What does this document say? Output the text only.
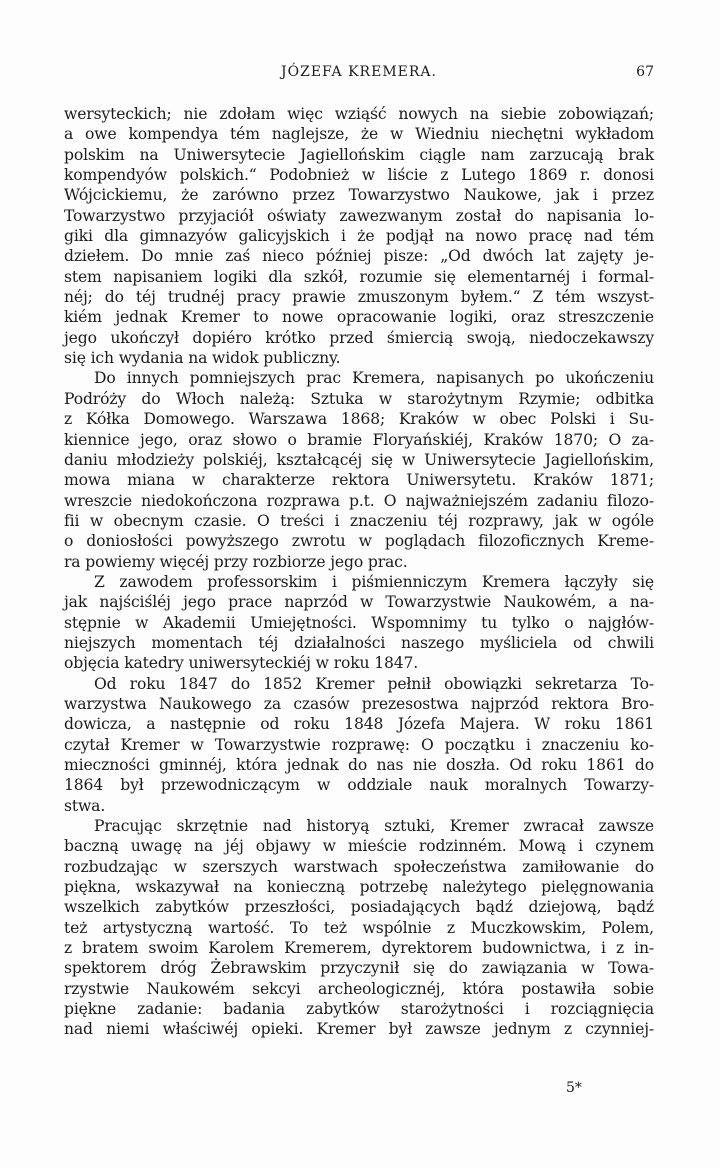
JÓZEFA KREMERA.	67
wersyteckich; nie zdołam więc wziąść nowych na siebie zobowiązań;
a owe kompendya tém naglejsze, że w Wiedniu niechętni wykładom
polskim na Uniwersytecie Jagiellońskim ciągle nam zarzucają brak
kompendyów polskich.“ Podobnież w liście z Lutego 1869 r. donosi
Wójcickiemu, że zarówno przez Towarzystwo Naukowe, jak i przez
Towarzystwo przyjaciół oświaty zawezwanym został do napisania lo-
giki dla gimnazyów galicyjskich i że podjął na nowo pracę nad tém
dziełem. Do mnie zaś nieco później pisze: „Od dwóch lat zajęty je-
stem napisaniem logiki dla szkół, rozumie się elementarnéj i formal-
néj; do téj trudnéj pracy prawie zmuszonym byłem.“ Z tém wszyst-
kiém jednak Kremer to nowe opracowanie logiki, oraz streszczenie
jego ukończył dopiéro krótko przed śmiercią swoją, niedoczekawszy
się ich wydania na widok publiczny.
Do innych pomniejszych prac Kremera, napisanych po ukończeniu
Podróży do Włoch należą: Sztuka w starożytnym Rzymie; odbitka
z Kółka Domowego. Warszawa 1868; Kraków w obec Polski i Su-
kiennice jego, oraz słowo o bramie Floryańskiéj, Kraków 1870; O za-
daniu młodzieży polskiéj, kształcącéj się w Uniwersytecie Jagiellońskim,
mowa miana w charakterze rektora Uniwersytetu. Kraków 1871;
wreszcie niedokończona rozprawa p.t. O najważniejszém zadaniu filozo-
fii w obecnym czasie. O treści i znaczeniu téj rozprawy, jak w ogóle
o doniosłości powyższego zwrotu w poglądach filozoficznych Kreme-
ra powiemy więcéj przy rozbiorze jego prac.
Z zawodem professorskim i piśmienniczym Kremera łączyły się
jak najściśléj jego prace naprzód w Towarzystwie Naukowém, a na-
stępnie w Akademii Umiejętności. Wspomnimy tu tylko o najgłów-
niejszych momentach téj działalności naszego myśliciela od chwili
objęcia katedry uniwersyteckiéj w roku 1847.
Od roku 1847 do 1852 Kremer pełnił obowiązki sekretarza To-
warzystwa Naukowego za czasów prezesostwa najprzód rektora Bro-
dowicza, a następnie od roku 1848 Józefa Majera. W roku 1861
czytał Kremer w Towarzystwie rozprawę: O początku i znaczeniu ko-
mieczności gminnéj, która jednak do nas nie doszła. Od roku 1861 do
1864 był przewodniczącym w oddziale nauk moralnych Towarzy-
stwa.
Pracując skrzętnie nad historyą sztuki, Kremer zwracał zawsze
baczną uwagę na jéj objawy w mieście rodzinném. Mową i czynem
rozbudzając w szerszych warstwach społeczeństwa zamiłowanie do
piękna, wskazywał na konieczną potrzebę należytego pielęgnowania
wszelkich zabytków przeszłości, posiadających bądź dziejową, bądź
też artystyczną wartość. To też wspólnie z Muczkowskim, Polem,
z bratem swoim Karolem Kremerem, dyrektorem budownictwa, i z in-
spektorem dróg Żebrawskim przyczynił się do zawiązania w Towa-
rzystwie Naukowém sekcyi archeologicznéj, która postawiła sobie
piękne zadanie: badania zabytków starożytności i rozciągnięcia
nad niemi właściwéj opieki. Kremer był zawsze jednym z czynniej-
5*
